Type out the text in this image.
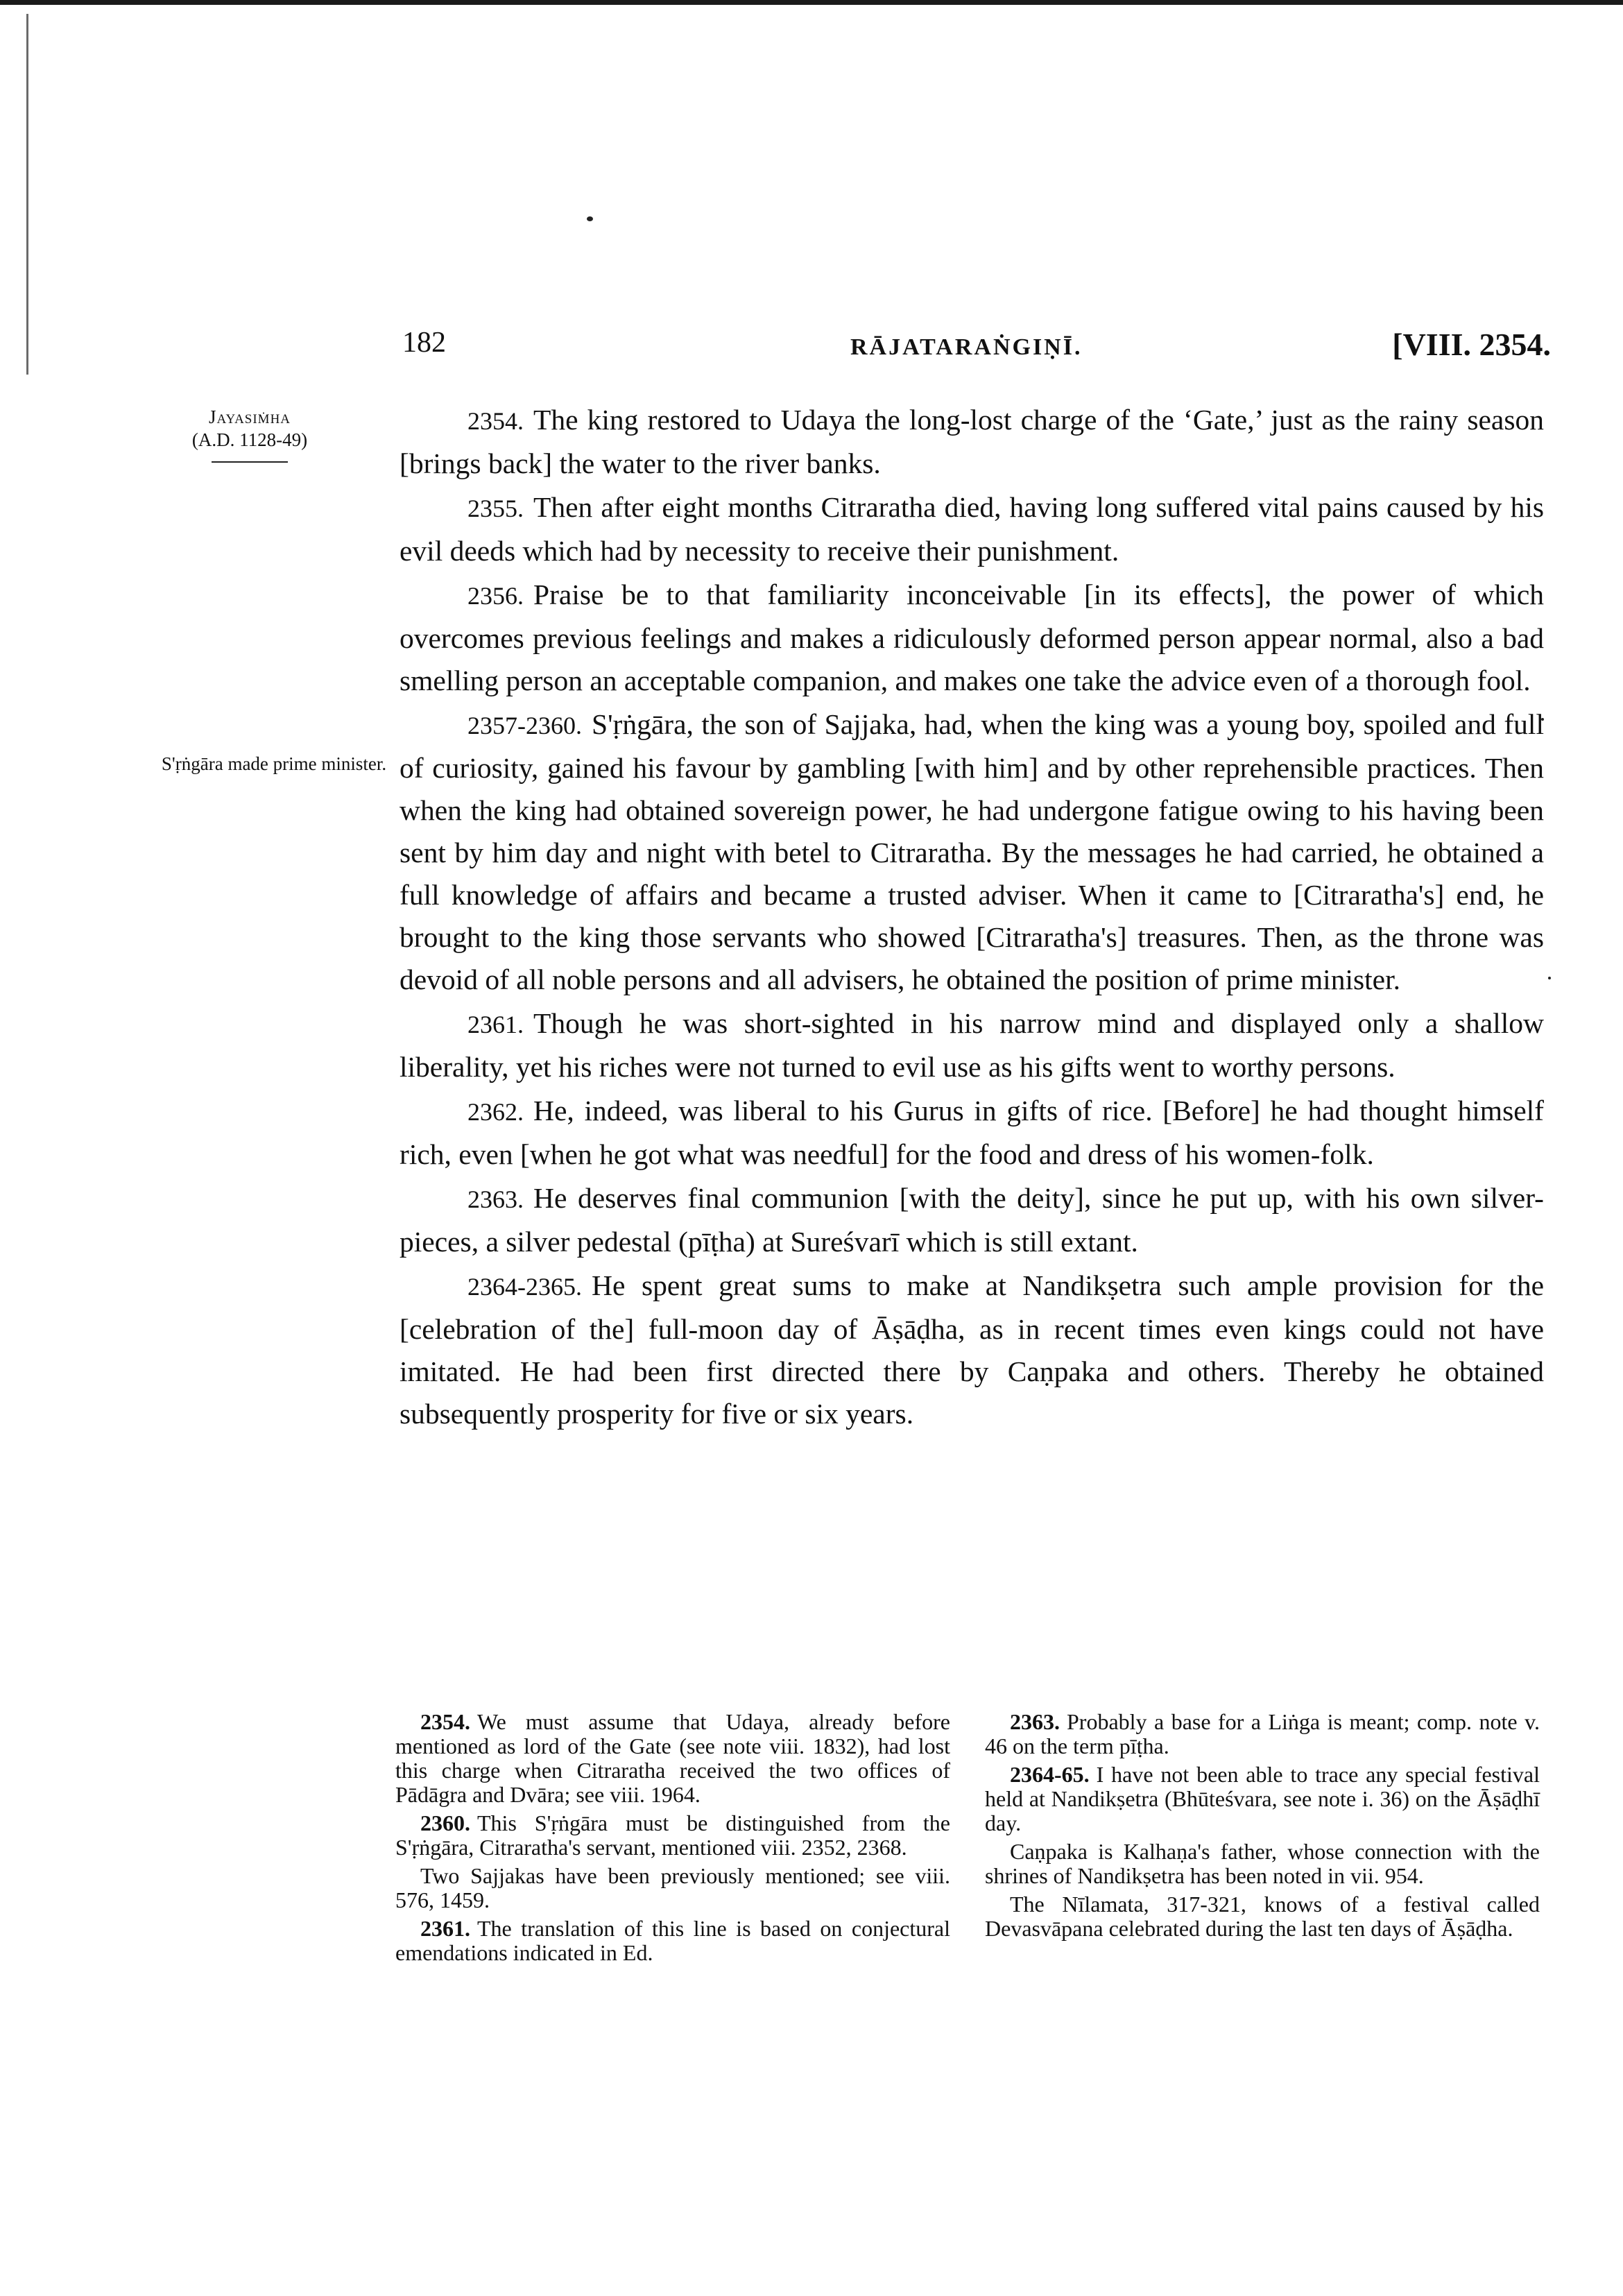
182	RĀJATARAṄGIṆĪ.	[VIII. 2354.
Jayasiṁha
(A.D. 1128-49)
S'ṛṅgāra made prime minister.

2354. The king restored to Udaya the long-lost charge of the ‘Gate,’ just as the rainy season [brings back] the water to the river banks.

2355. Then after eight months Citraratha died, having long suffered vital pains caused by his evil deeds which had by necessity to receive their punishment.

2356. Praise be to that familiarity inconceivable [in its effects], the power of which overcomes previous feelings and makes a ridiculously deformed person appear normal, also a bad smelling person an acceptable companion, and makes one take the advice even of a thorough fool.

2357-2360. S'ṛṅgāra, the son of Sajjaka, had, when the king was a young boy, spoiled and full of curiosity, gained his favour by gambling [with him] and by other reprehensible practices. Then when the king had obtained sovereign power, he had undergone fatigue owing to his having been sent by him day and night with betel to Citraratha. By the messages he had carried, he obtained a full knowledge of affairs and became a trusted adviser. When it came to [Citraratha's] end, he brought to the king those servants who showed [Citraratha's] treasures. Then, as the throne was devoid of all noble persons and all advisers, he obtained the position of prime minister.

2361. Though he was short-sighted in his narrow mind and displayed only a shallow liberality, yet his riches were not turned to evil use as his gifts went to worthy persons.

2362. He, indeed, was liberal to his Gurus in gifts of rice. [Before] he had thought himself rich, even [when he got what was needful] for the food and dress of his women-folk.

2363. He deserves final communion [with the deity], since he put up, with his own silver-pieces, a silver pedestal (pīṭha) at Sureśvarī which is still extant.

2364-2365. He spent great sums to make at Nandikṣetra such ample provision for the [celebration of the] full-moon day of Āṣāḍha, as in recent times even kings could not have imitated. He had been first directed there by Caṇpaka and others. Thereby he obtained subsequently prosperity for five or six years.

2354. We must assume that Udaya, already before mentioned as lord of the Gate (see note viii. 1832), had lost this charge when Citraratha received the two offices of Pādāgra and Dvāra; see viii. 1964.

2360. This S'ṛṅgāra must be distinguished from the S'ṛṅgāra, Citraratha's servant, mentioned viii. 2352, 2368.

Two Sajjakas have been previously mentioned; see viii. 576, 1459.

2361. The translation of this line is based on conjectural emendations indicated in Ed.

2363. Probably a base for a Liṅga is meant; comp. note v. 46 on the term pīṭha.

2364-65. I have not been able to trace any special festival held at Nandikṣetra (Bhūteśvara, see note i. 36) on the Āṣāḍhī day.

Caṇpaka is Kalhaṇa's father, whose connection with the shrines of Nandikṣetra has been noted in vii. 954.

The Nīlamata, 317-321, knows of a festival called Devasvāpana celebrated during the last ten days of Āṣāḍha.
